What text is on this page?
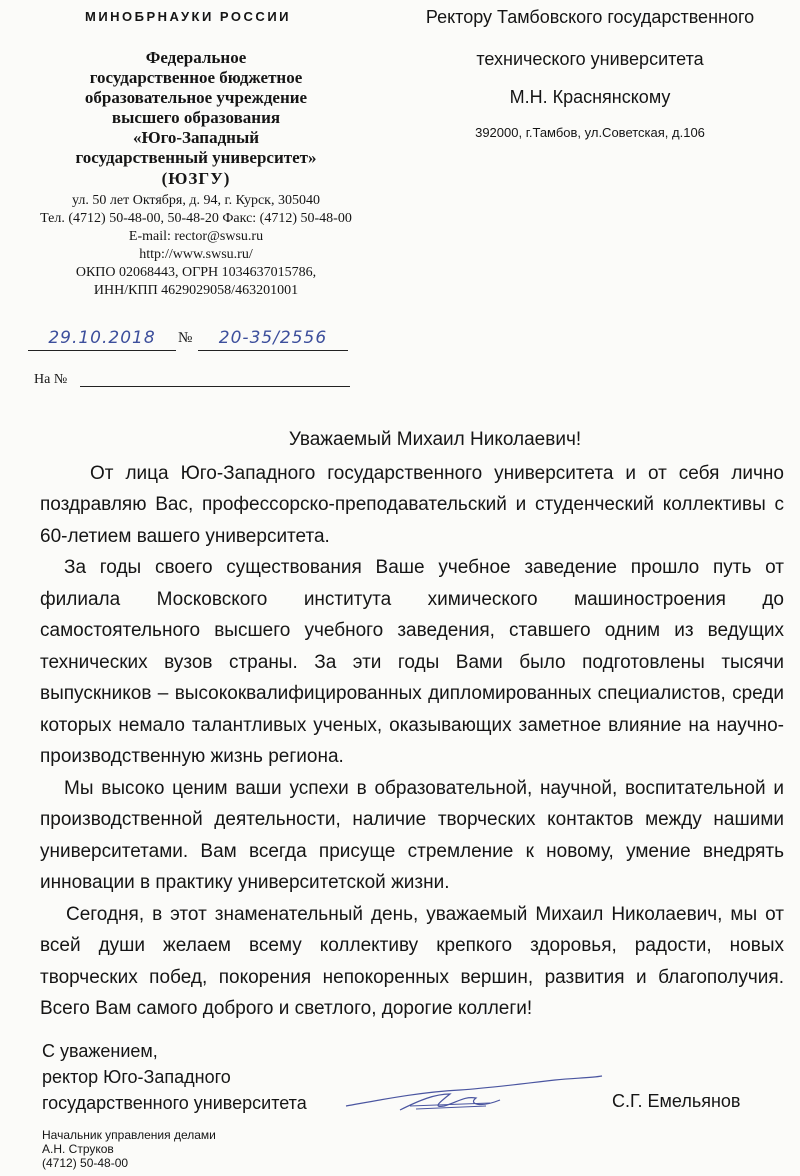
МИНОБРНАУКИ РОССИИ
Федеральное
государственное бюджетное
образовательное учреждение
высшего образования
«Юго-Западный
государственный университет»
(ЮЗГУ)
ул. 50 лет Октября, д. 94, г. Курск, 305040
Тел. (4712) 50-48-00, 50-48-20 Факс: (4712) 50-48-00
E-mail: rector@swsu.ru
http://www.swsu.ru/
ОКПО 02068443, ОГРН 1034637015786,
ИНН/КПП 4629029058/463201001
29.10.2018	№	20-35/2556
На №
Ректору Тамбовского государственного
технического университета
М.Н. Краснянскому
392000, г.Тамбов, ул.Советская, д.106
Уважаемый Михаил Николаевич!

От лица Юго-Западного государственного университета и от себя лично поздравляю Вас, профессорско-преподавательский и студенческий коллективы с 60-летием вашего университета.

За годы своего существования Ваше учебное заведение прошло путь от филиала Московского института химического машиностроения до самостоятельного высшего учебного заведения, ставшего одним из ведущих технических вузов страны. За эти годы Вами было подготовлены тысячи выпускников – высококвалифицированных дипломированных специалистов, среди которых немало талантливых ученых, оказывающих заметное влияние на научно-производственную жизнь региона.

Мы высоко ценим ваши успехи в образовательной, научной, воспитательной и производственной деятельности, наличие творческих контактов между нашими университетами. Вам всегда присуще стремление к новому, умение внедрять инновации в практику университетской жизни.

Сегодня, в этот знаменательный день, уважаемый Михаил Николаевич, мы от всей души желаем всему коллективу крепкого здоровья, радости, новых творческих побед, покорения непокоренных вершин, развития и благополучия. Всего Вам самого доброго и светлого, дорогие коллеги!

С уважением,
ректор Юго-Западного
государственного университета	С.Г. Емельянов
Начальник управления делами
А.Н. Струков
(4712) 50-48-00
